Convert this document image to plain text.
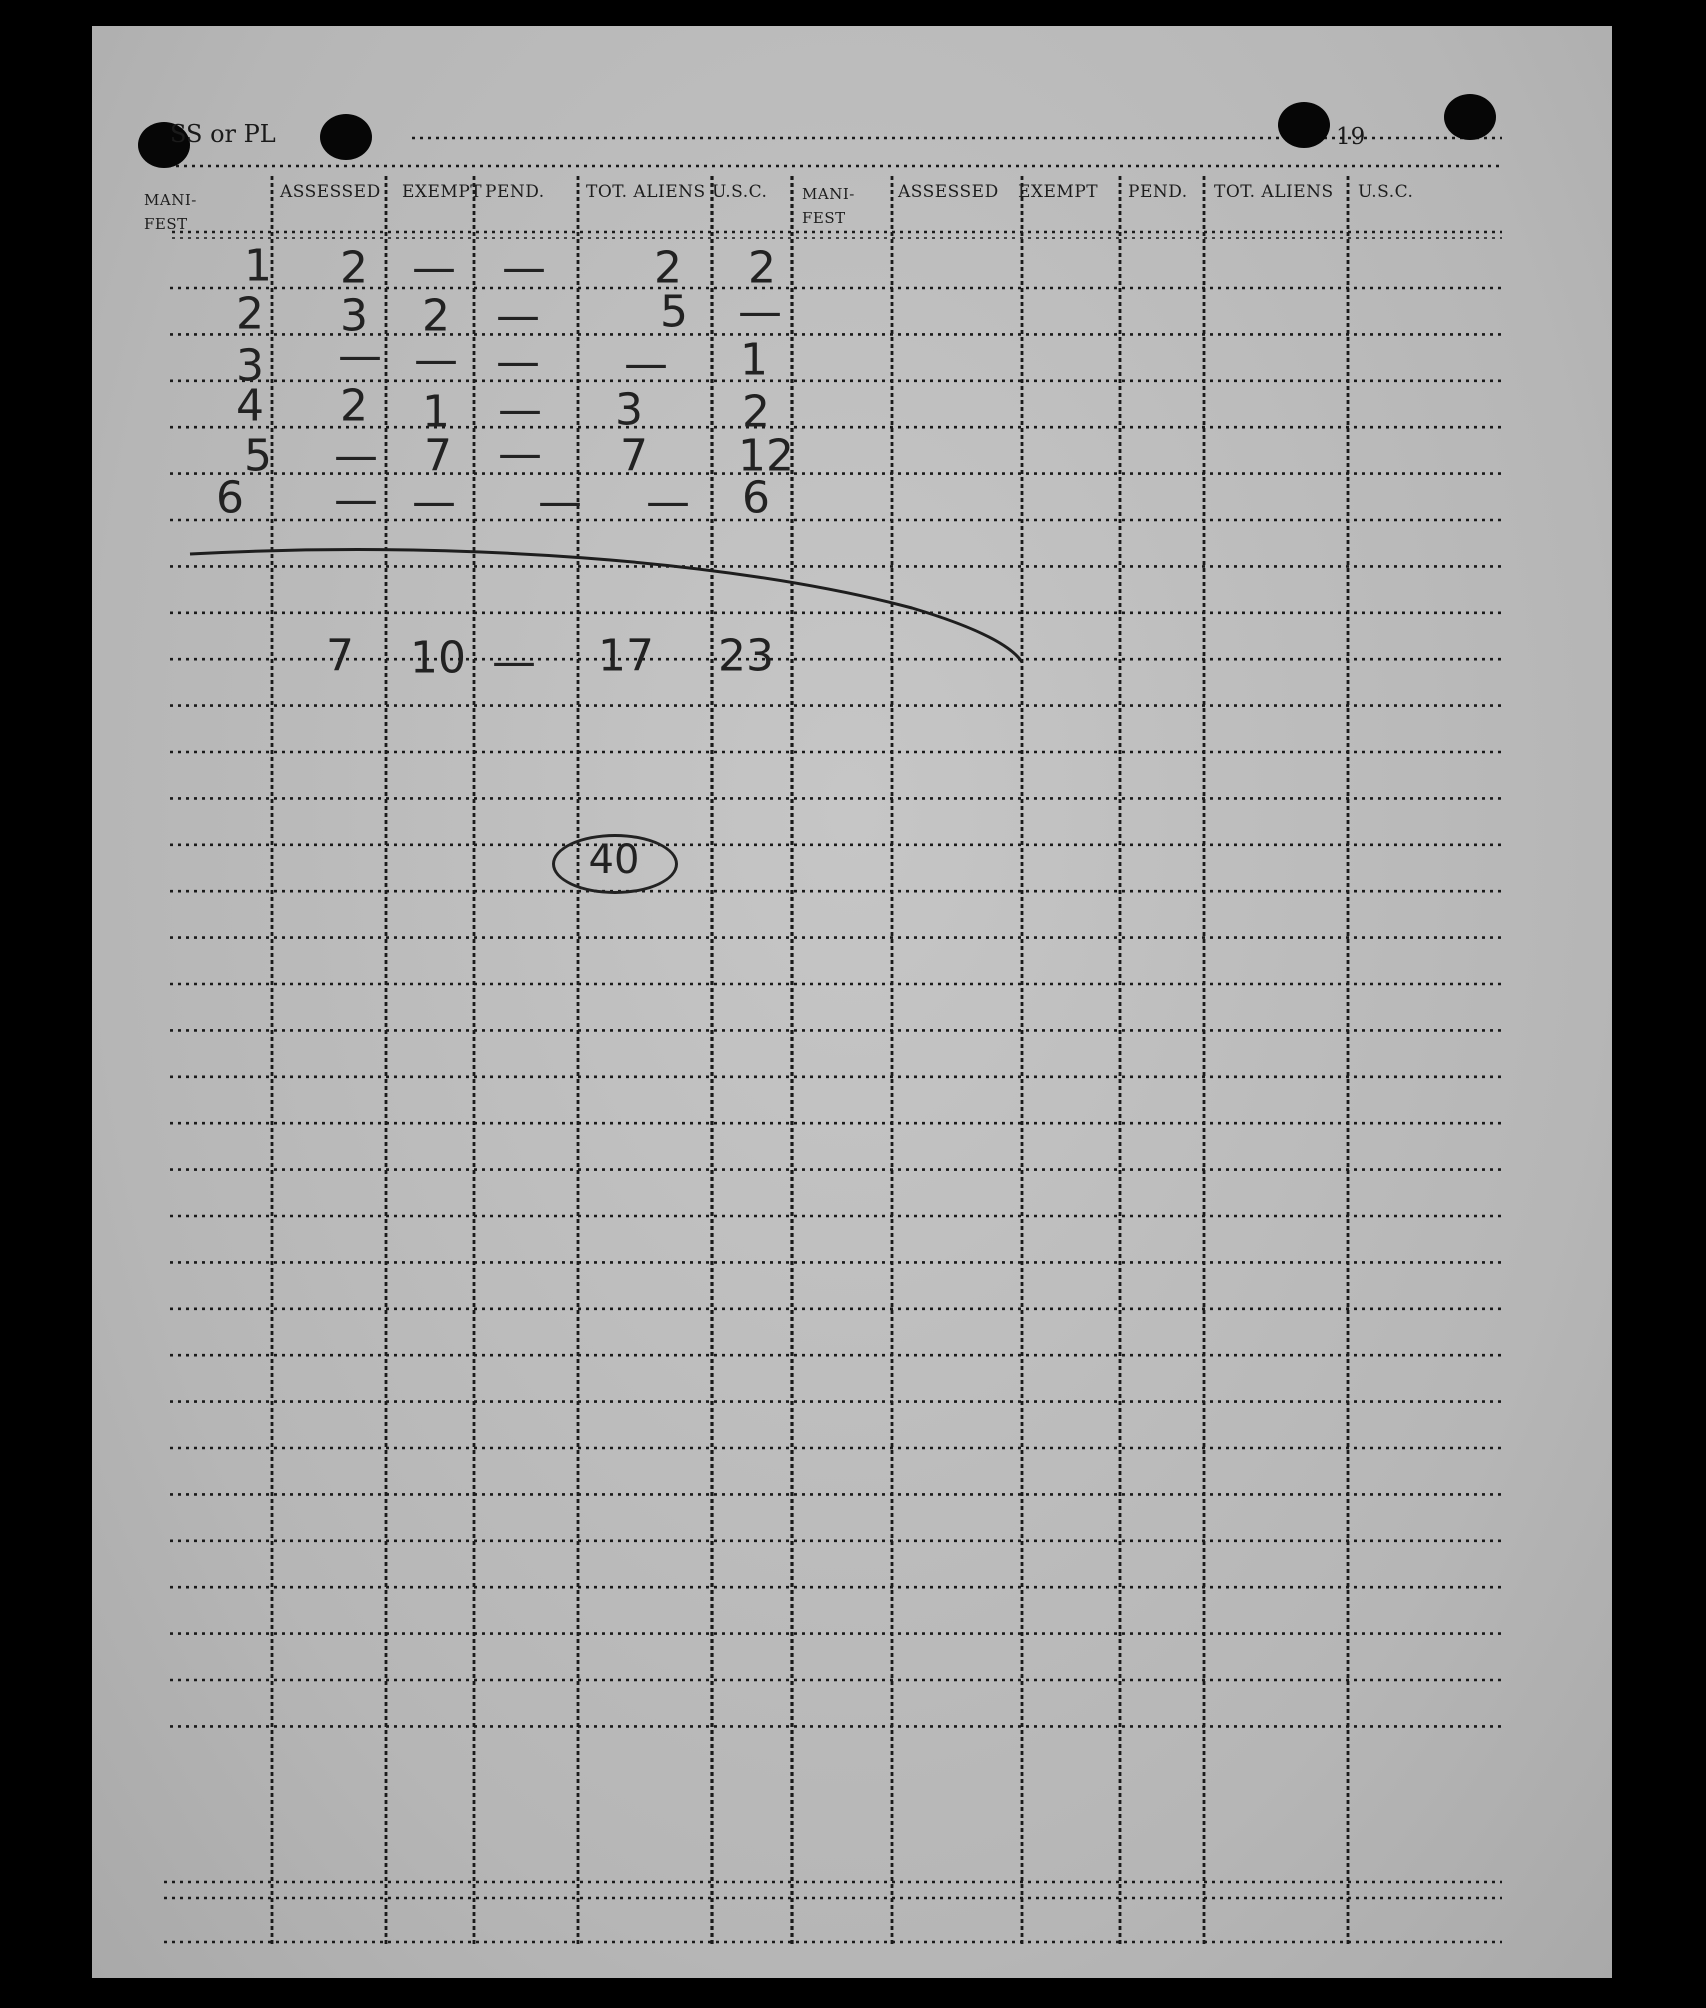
SS or PL	19
MANI-FEST
ASSESSED EXEMPT PEND. TOT. ALIENS U.S.C. MANI-FEST
ASSESSED EXEMPT PEND. TOT. ALIENS U.S.C.
1 2 — — 2 2
2 3 2 —	5 —
3 — — — — 1
4 2 1 — 3 2
5 — 7 — 7 12
6 — — — — 6
7 10 — 17 23
40
